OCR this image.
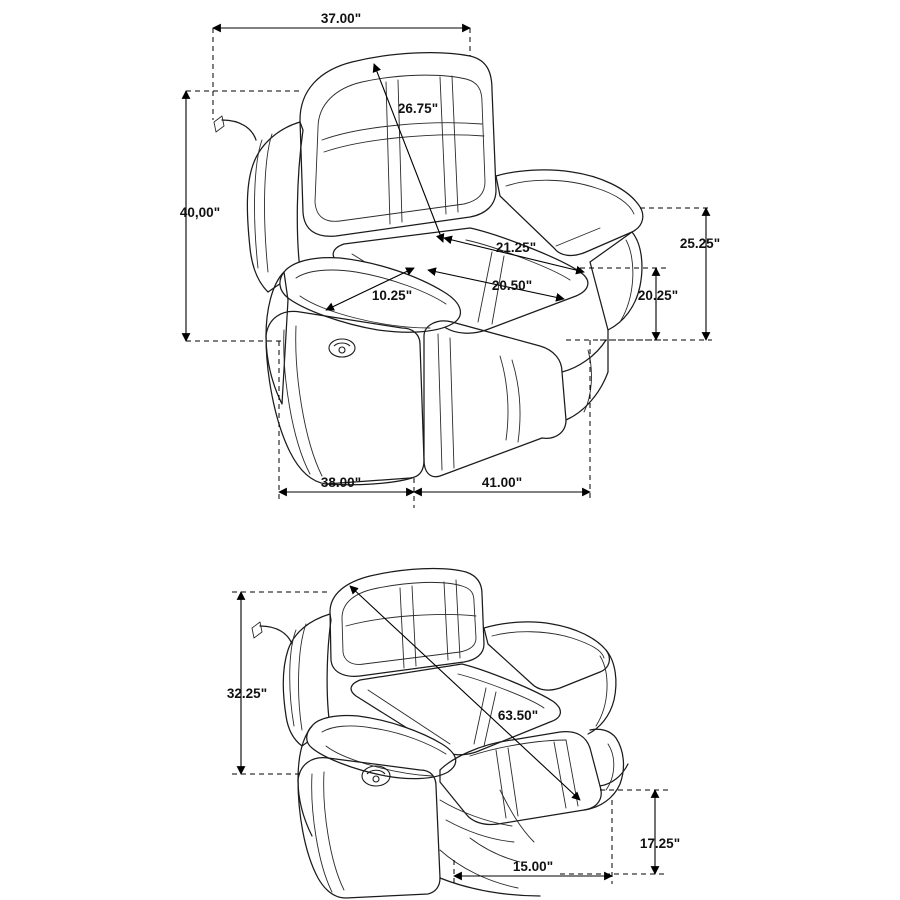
37.00"
40,00"
26.75"
21.25"
20.50"
10.25"
25.25"
20.25"
38.00"	41.00"
32.25"
63.50"
17.25"
15.00"
